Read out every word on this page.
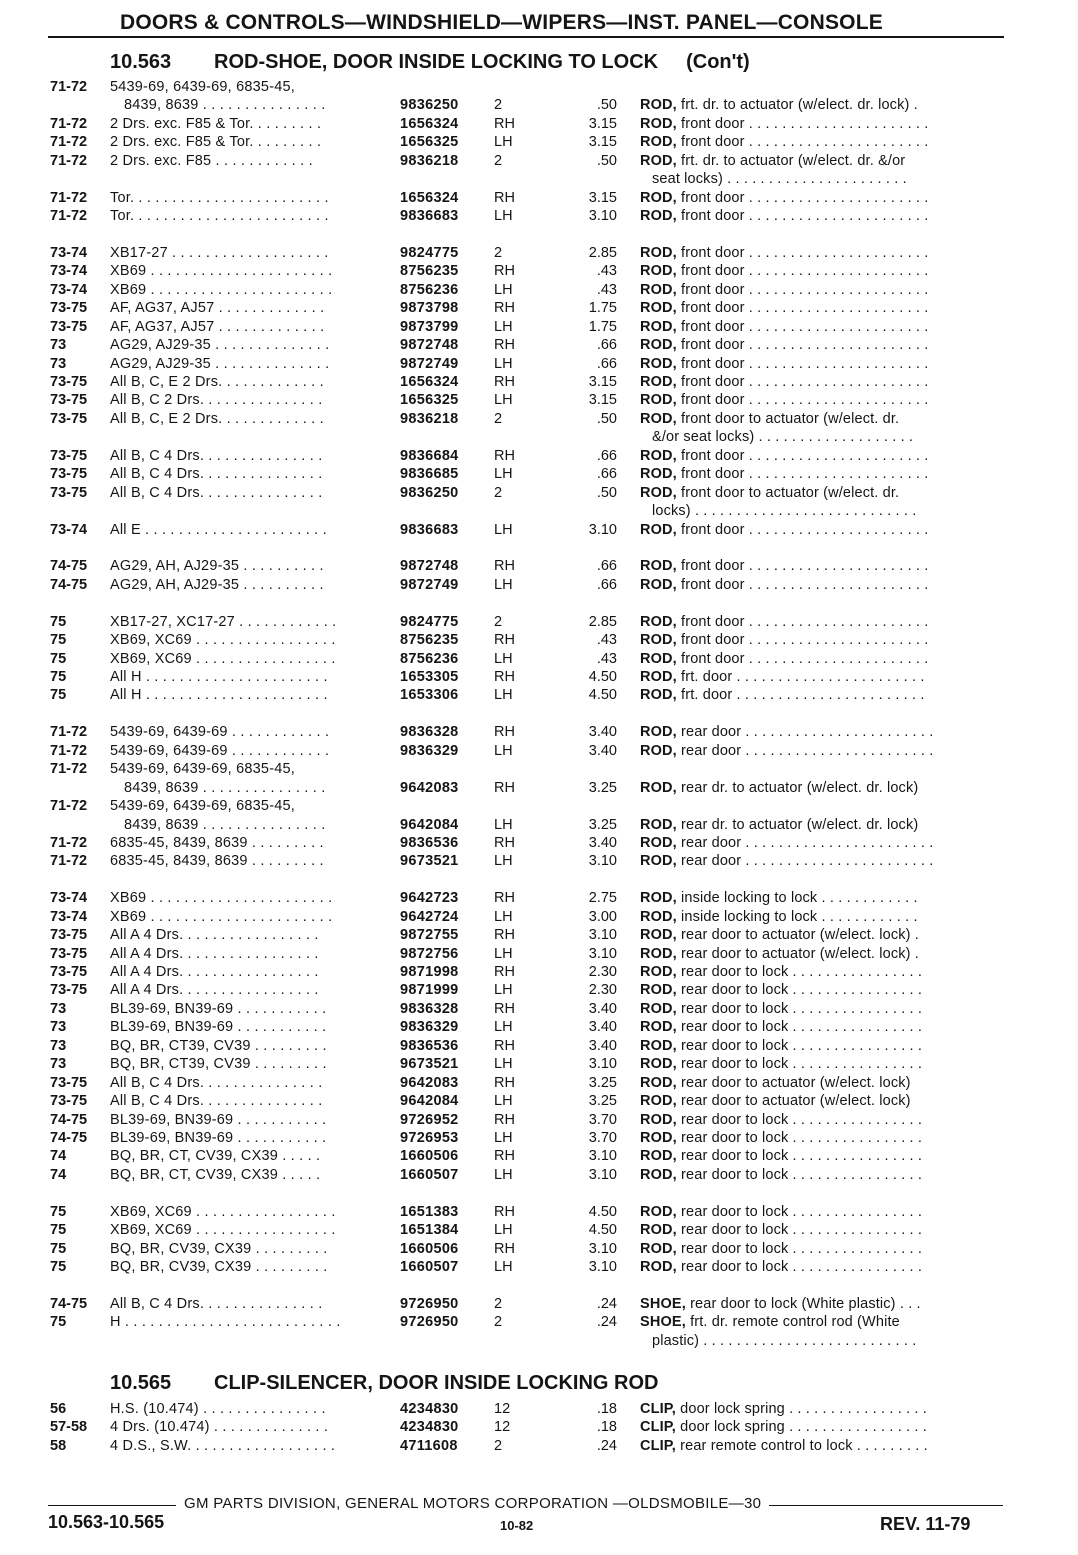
DOORS & CONTROLS—WINDSHIELD—WIPERS—INST. PANEL—CONSOLE
10.563 ROD-SHOE, DOOR INSIDE LOCKING TO LOCK (Con't)
71-72	5439-69, 6439-69, 6835-45,
8439, 8639 . . . . . . . . . . . . . . .	9836250	2	.50 ROD, frt. dr. to actuator (w/elect. dr. lock) .
71-72	2 Drs. exc. F85 & Tor. . . . . . . . .	1656324	RH	3.15 ROD, front door . . . . . . . . . . . . . . . . . . . . . .
71-72	2 Drs. exc. F85 & Tor. . . . . . . . .	1656325	LH	3.15 ROD, front door . . . . . . . . . . . . . . . . . . . . . .
71-72	2 Drs. exc. F85 . . . . . . . . . . . .	9836218	2	.50 ROD, frt. dr. to actuator (w/elect. dr. &/or
seat locks) . . . . . . . . . . . . . . . . . . . . . .
71-72	Tor. . . . . . . . . . . . . . . . . . . . . . . .	1656324	RH	3.15 ROD, front door . . . . . . . . . . . . . . . . . . . . . .
71-72	Tor. . . . . . . . . . . . . . . . . . . . . . . .	9836683	LH	3.10 ROD, front door . . . . . . . . . . . . . . . . . . . . . .
73-74	XB17-27 . . . . . . . . . . . . . . . . . . .	9824775	2	2.85 ROD, front door . . . . . . . . . . . . . . . . . . . . . .
73-74	XB69 . . . . . . . . . . . . . . . . . . . . . .	8756235	RH	.43 ROD, front door . . . . . . . . . . . . . . . . . . . . . .
73-74	XB69 . . . . . . . . . . . . . . . . . . . . . .	8756236	LH	.43 ROD, front door . . . . . . . . . . . . . . . . . . . . . .
73-75	AF, AG37, AJ57 . . . . . . . . . . . . .	9873798	RH	1.75 ROD, front door . . . . . . . . . . . . . . . . . . . . . .
73-75	AF, AG37, AJ57 . . . . . . . . . . . . .	9873799	LH	1.75 ROD, front door . . . . . . . . . . . . . . . . . . . . . .
73	AG29, AJ29-35 . . . . . . . . . . . . . .	9872748	RH	.66 ROD, front door . . . . . . . . . . . . . . . . . . . . . .
73	AG29, AJ29-35 . . . . . . . . . . . . . .	9872749	LH	.66 ROD, front door . . . . . . . . . . . . . . . . . . . . . .
73-75	All B, C, E 2 Drs. . . . . . . . . . . . .	1656324	RH	3.15 ROD, front door . . . . . . . . . . . . . . . . . . . . . .
73-75	All B, C 2 Drs. . . . . . . . . . . . . . .	1656325	LH	3.15 ROD, front door . . . . . . . . . . . . . . . . . . . . . .
73-75	All B, C, E 2 Drs. . . . . . . . . . . . .	9836218	2	.50 ROD, front door to actuator (w/elect. dr.
&/or seat locks) . . . . . . . . . . . . . . . . . . .
73-75	All B, C 4 Drs. . . . . . . . . . . . . . .	9836684	RH	.66 ROD, front door . . . . . . . . . . . . . . . . . . . . . .
73-75	All B, C 4 Drs. . . . . . . . . . . . . . .	9836685	LH	.66 ROD, front door . . . . . . . . . . . . . . . . . . . . . .
73-75	All B, C 4 Drs. . . . . . . . . . . . . . .	9836250	2	.50 ROD, front door to actuator (w/elect. dr.
locks) . . . . . . . . . . . . . . . . . . . . . . . . . . .
73-74	All E . . . . . . . . . . . . . . . . . . . . . .	9836683	LH	3.10 ROD, front door . . . . . . . . . . . . . . . . . . . . . .
74-75	AG29, AH, AJ29-35 . . . . . . . . . .	9872748	RH	.66 ROD, front door . . . . . . . . . . . . . . . . . . . . . .
74-75	AG29, AH, AJ29-35 . . . . . . . . . .	9872749	LH	.66 ROD, front door . . . . . . . . . . . . . . . . . . . . . .
75	XB17-27, XC17-27 . . . . . . . . . . . .	9824775	2	2.85 ROD, front door . . . . . . . . . . . . . . . . . . . . . .
75	XB69, XC69 . . . . . . . . . . . . . . . . .	8756235	RH	.43 ROD, front door . . . . . . . . . . . . . . . . . . . . . .
75	XB69, XC69 . . . . . . . . . . . . . . . . .	8756236	LH	.43 ROD, front door . . . . . . . . . . . . . . . . . . . . . .
75	All H . . . . . . . . . . . . . . . . . . . . . .	1653305	RH	4.50 ROD, frt. door . . . . . . . . . . . . . . . . . . . . . . .
75	All H . . . . . . . . . . . . . . . . . . . . . .	1653306	LH	4.50 ROD, frt. door . . . . . . . . . . . . . . . . . . . . . . .
71-72	5439-69, 6439-69 . . . . . . . . . . . .	9836328	RH	3.40 ROD, rear door . . . . . . . . . . . . . . . . . . . . . . .
71-72	5439-69, 6439-69 . . . . . . . . . . . .	9836329	LH	3.40 ROD, rear door . . . . . . . . . . . . . . . . . . . . . . .
71-72	5439-69, 6439-69, 6835-45,
8439, 8639 . . . . . . . . . . . . . . .	9642083	RH	3.25 ROD, rear dr. to actuator (w/elect. dr. lock)
71-72	5439-69, 6439-69, 6835-45,
8439, 8639 . . . . . . . . . . . . . . .	9642084	LH	3.25 ROD, rear dr. to actuator (w/elect. dr. lock)
71-72	6835-45, 8439, 8639 . . . . . . . . .	9836536	RH	3.40 ROD, rear door . . . . . . . . . . . . . . . . . . . . . . .
71-72	6835-45, 8439, 8639 . . . . . . . . .	9673521	LH	3.10 ROD, rear door . . . . . . . . . . . . . . . . . . . . . . .
73-74	XB69 . . . . . . . . . . . . . . . . . . . . . .	9642723	RH	2.75 ROD, inside locking to lock . . . . . . . . . . . .
73-74	XB69 . . . . . . . . . . . . . . . . . . . . . .	9642724	LH	3.00 ROD, inside locking to lock . . . . . . . . . . . .
73-75	All A 4 Drs. . . . . . . . . . . . . . . . .	9872755	RH	3.10 ROD, rear door to actuator (w/elect. lock) .
73-75	All A 4 Drs. . . . . . . . . . . . . . . . .	9872756	LH	3.10 ROD, rear door to actuator (w/elect. lock) .
73-75	All A 4 Drs. . . . . . . . . . . . . . . . .	9871998	RH	2.30 ROD, rear door to lock . . . . . . . . . . . . . . . .
73-75	All A 4 Drs. . . . . . . . . . . . . . . . .	9871999	LH	2.30 ROD, rear door to lock . . . . . . . . . . . . . . . .
73	BL39-69, BN39-69 . . . . . . . . . . .	9836328	RH	3.40 ROD, rear door to lock . . . . . . . . . . . . . . . .
73	BL39-69, BN39-69 . . . . . . . . . . .	9836329	LH	3.40 ROD, rear door to lock . . . . . . . . . . . . . . . .
73	BQ, BR, CT39, CV39 . . . . . . . . .	9836536	RH	3.40 ROD, rear door to lock . . . . . . . . . . . . . . . .
73	BQ, BR, CT39, CV39 . . . . . . . . .	9673521	LH	3.10 ROD, rear door to lock . . . . . . . . . . . . . . . .
73-75	All B, C 4 Drs. . . . . . . . . . . . . . .	9642083	RH	3.25 ROD, rear door to actuator (w/elect. lock)
73-75	All B, C 4 Drs. . . . . . . . . . . . . . .	9642084	LH	3.25 ROD, rear door to actuator (w/elect. lock)
74-75	BL39-69, BN39-69 . . . . . . . . . . .	9726952	RH	3.70 ROD, rear door to lock . . . . . . . . . . . . . . . .
74-75	BL39-69, BN39-69 . . . . . . . . . . .	9726953	LH	3.70 ROD, rear door to lock . . . . . . . . . . . . . . . .
74	BQ, BR, CT, CV39, CX39 . . . . .	1660506	RH	3.10 ROD, rear door to lock . . . . . . . . . . . . . . . .
74	BQ, BR, CT, CV39, CX39 . . . . .	1660507	LH	3.10 ROD, rear door to lock . . . . . . . . . . . . . . . .
75	XB69, XC69 . . . . . . . . . . . . . . . . .	1651383	RH	4.50 ROD, rear door to lock . . . . . . . . . . . . . . . .
75	XB69, XC69 . . . . . . . . . . . . . . . . .	1651384	LH	4.50 ROD, rear door to lock . . . . . . . . . . . . . . . .
75	BQ, BR, CV39, CX39 . . . . . . . . .	1660506	RH	3.10 ROD, rear door to lock . . . . . . . . . . . . . . . .
75	BQ, BR, CV39, CX39 . . . . . . . . .	1660507	LH	3.10 ROD, rear door to lock . . . . . . . . . . . . . . . .
74-75	All B, C 4 Drs. . . . . . . . . . . . . . .	9726950	2	.24 SHOE, rear door to lock (White plastic) . . .
75	H . . . . . . . . . . . . . . . . . . . . . . . . . .	9726950	2	.24 SHOE, frt. dr. remote control rod (White
plastic) . . . . . . . . . . . . . . . . . . . . . . . . . .
10.565 CLIP-SILENCER, DOOR INSIDE LOCKING ROD
56	H.S. (10.474) . . . . . . . . . . . . . . .	4234830	12	.18 CLIP, door lock spring . . . . . . . . . . . . . . . . .
57-58	4 Drs. (10.474) . . . . . . . . . . . . . .	4234830	12	.18 CLIP, door lock spring . . . . . . . . . . . . . . . . .
58	4 D.S., S.W. . . . . . . . . . . . . . . . . .	4711608	2	.24 CLIP, rear remote control to lock . . . . . . . . .
GM PARTS DIVISION, GENERAL MOTORS CORPORATION —OLDSMOBILE—30
10.563-10.565	10-82	REV. 11-79
